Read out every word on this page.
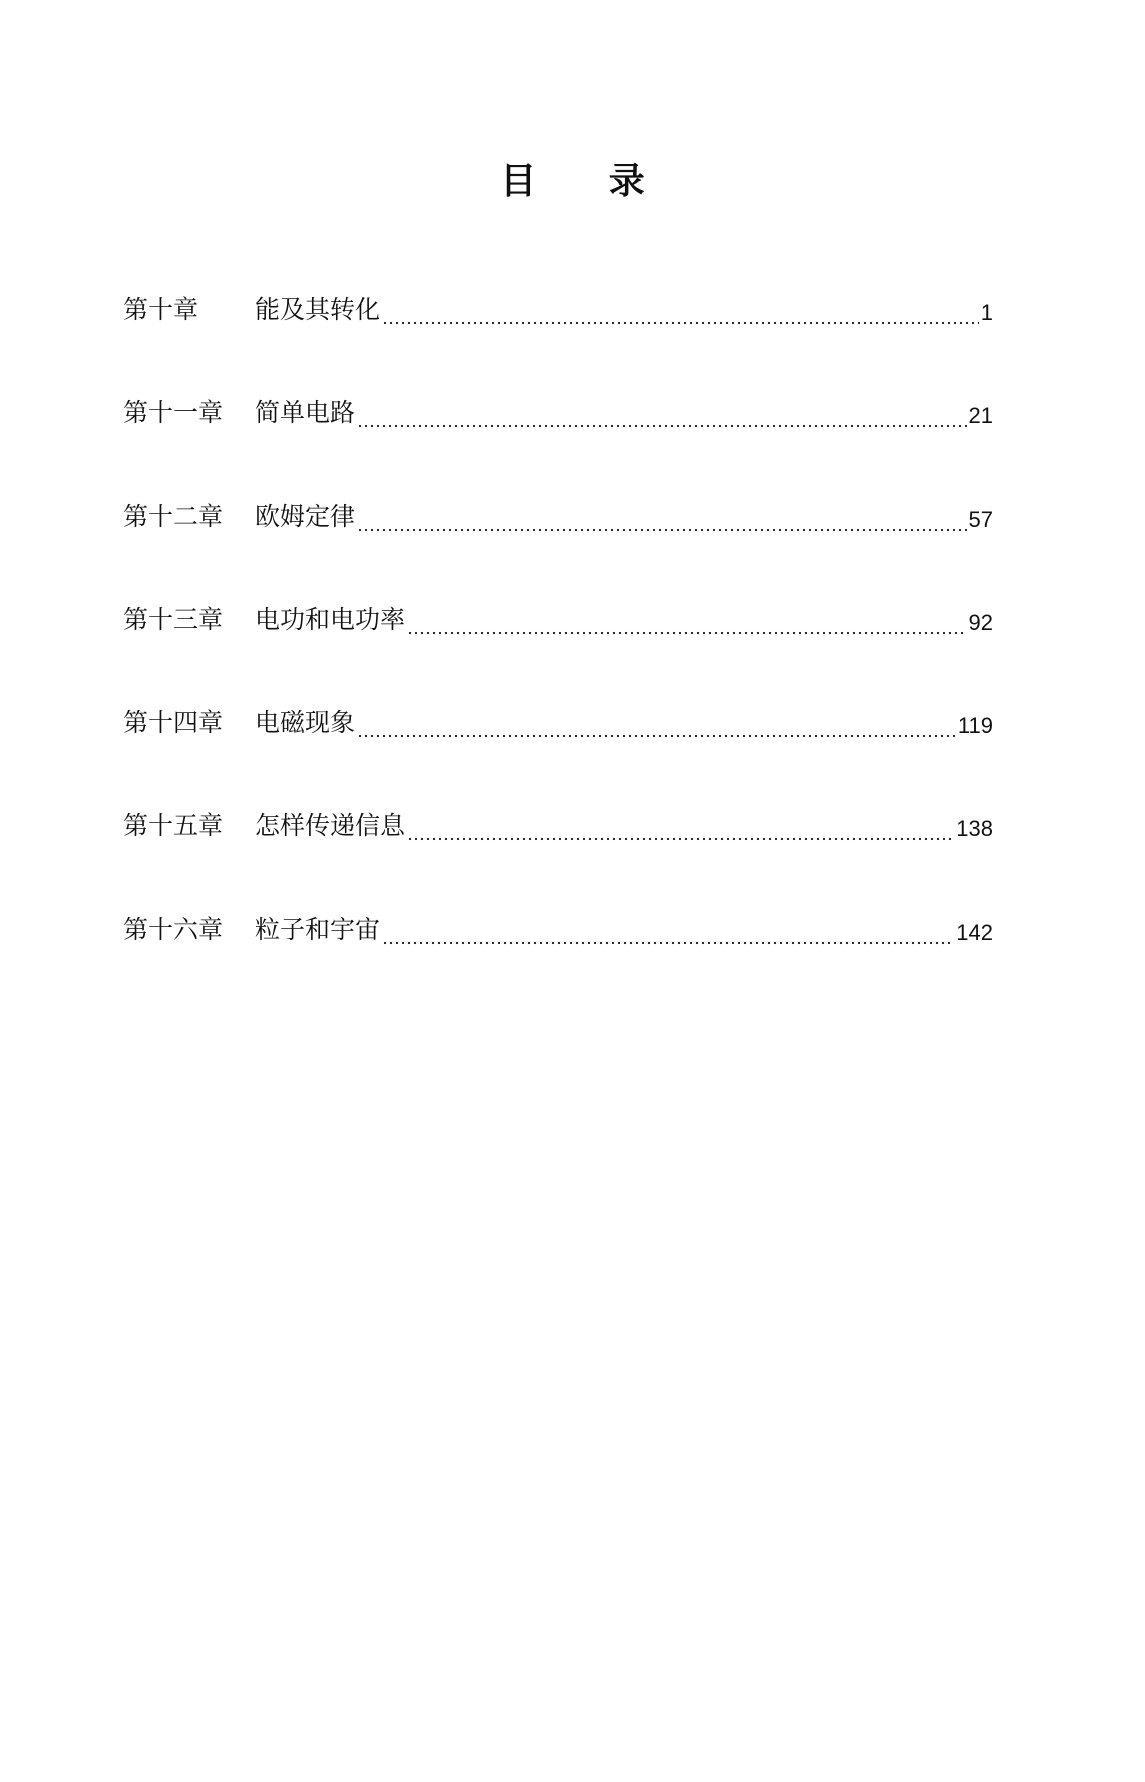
目 录
第十章	能及其转化	1
第十一章	简单电路	21
第十二章	欧姆定律	57
第十三章	电功和电功率	92
第十四章	电磁现象	119
第十五章	怎样传递信息	138
第十六章	粒子和宇宙	142
